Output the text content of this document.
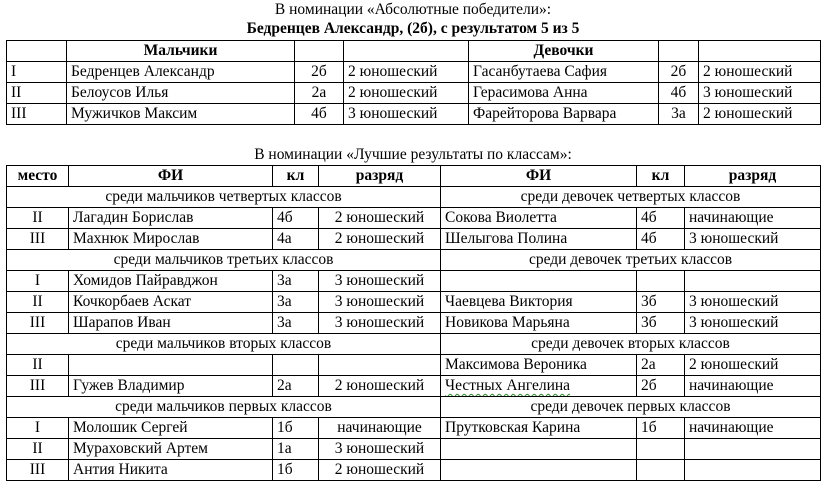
В номинации «Абсолютные победители»:
Бедренцев Александр, (2б), с результатом 5 из 5
	Мальчики			Девочки		
I	Бедренцев Александр	2б	2 юношеский	Гасанбутаева Сафия	2б	2 юношеский
II	Белоусов Илья	2а	2 юношеский	Герасимова Анна	4б	3 юношеский
III	Мужичков Максим	4б	3 юношеский	Фарейторова Варвара	3а	2 юношеский
В номинации «Лучшие результаты по классам»:
место	ФИ	кл	разряд	ФИ	кл	разряд
среди мальчиков четвертых классов				среди девочек четвертых классов		
II	Лагадин Борислав	4б	2 юношеский	Сокова Виолетта	4б	начинающие
III	Махнюк Мирослав	4а	2 юношеский	Шелыгова Полина	4б	3 юношеский
среди мальчиков третьих классов				среди девочек третьих классов		
I	Хомидов Пайравджон	3а	3 юношеский			
II	Кочкорбаев Аскат	3а	3 юношеский	Чаевцева Виктория	3б	3 юношеский
III	Шарапов Иван	3а	3 юношеский	Новикова Марьяна	3б	3 юношеский
среди мальчиков вторых классов				среди девочек вторых классов		
II				Максимова Вероника	2а	2 юношеский
III	Гужев Владимир	2а	2 юношеский	Честных Ангелина	2б	начинающие
среди мальчиков первых классов				среди девочек первых классов		
I	Молошик Сергей	1б	начинающие	Прутковская Карина	1б	начинающие
II	Мураховский Артем	1а	3 юношеский			
III	Антия Никита	1б	2 юношеский			
